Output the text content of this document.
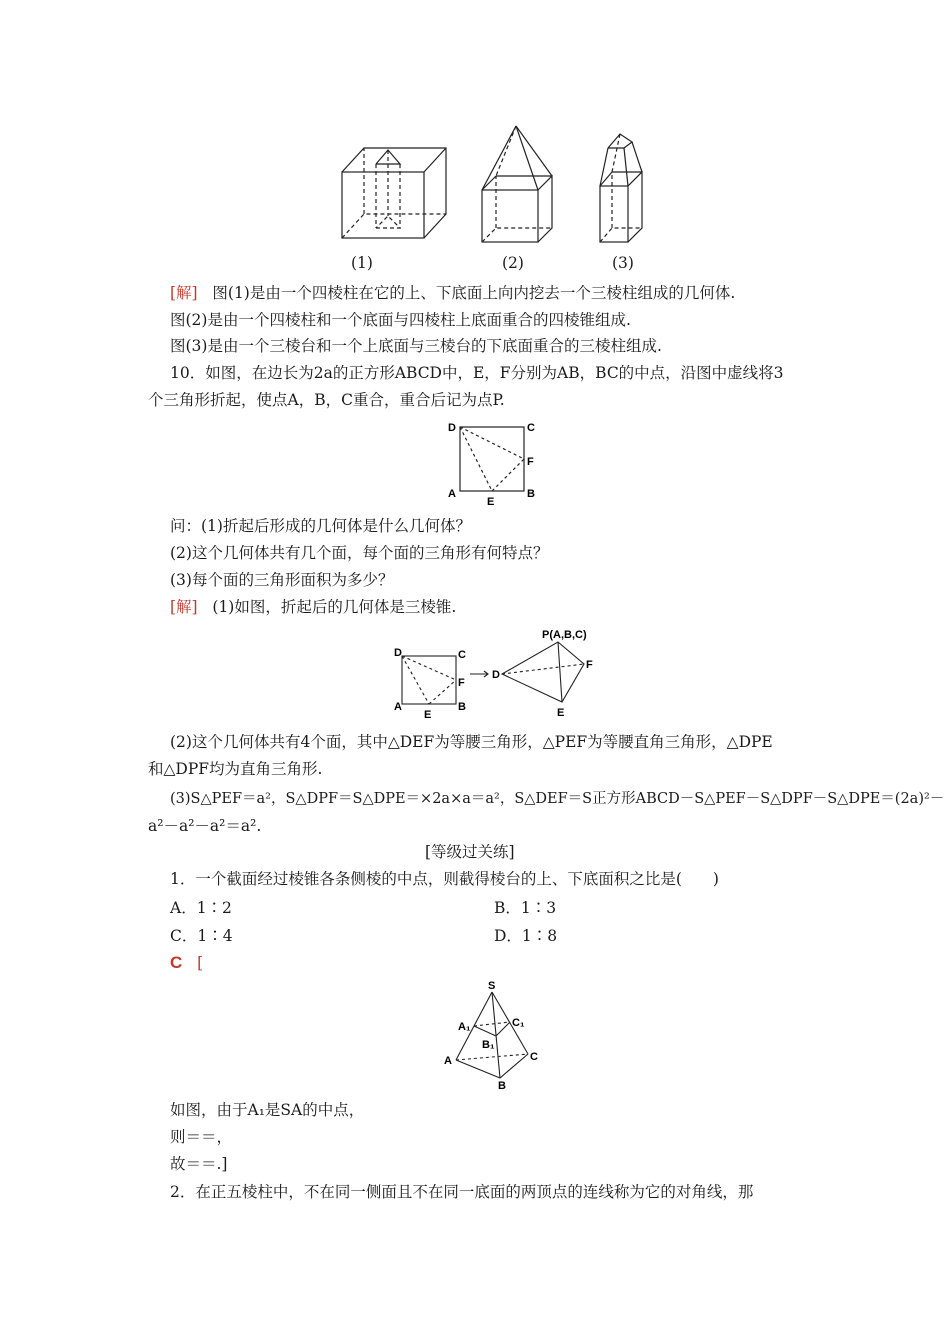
(1)	(2)	(3)
[解] 图(1)是由一个四棱柱在它的上、下底面上向内挖去一个三棱柱组成的几何体.
图(2)是由一个四棱柱和一个底面与四棱柱上底面重合的四棱锥组成.
图(3)是由一个三棱台和一个上底面与三棱台的下底面重合的三棱柱组成.
10．如图，在边长为2a的正方形ABCD中，E，F分别为AB，BC的中点，沿图中虚线将3
个三角形折起，使点A，B，C重合，重合后记为点P.
D	C
F
A
E
B
问：(1)折起后形成的几何体是什么几何体？
(2)这个几何体共有几个面，每个面的三角形有何特点？
(3)每个面的三角形面积为多少？
[解] (1)如图，折起后的几何体是三棱锥.
D	C
F
A
E
B
D
P(A,B,C)
F
E
(2)这个几何体共有4个面，其中△DEF为等腰三角形，△PEF为等腰直角三角形，△DPE
和△DPF均为直角三角形.
(3)S△PEF＝a²，S△DPF＝S△DPE＝×2a×a＝a²，S△DEF＝S正方形ABCD－S△PEF－S△DPF－S△DPE＝(2a)²－
a²－a²－a²＝a².
[等级过关练]
1．一个截面经过棱锥各条侧棱的中点，则截得棱台的上、下底面积之比是(　　)
A．1∶2	B．1∶3
C．1∶4	D．1∶8
C [
S
A₁	C₁
B₁
A	C
B
如图，由于A₁是SA的中点，
则＝＝，
故＝＝.]
2．在正五棱柱中，不在同一侧面且不在同一底面的两顶点的连线称为它的对角线，那
